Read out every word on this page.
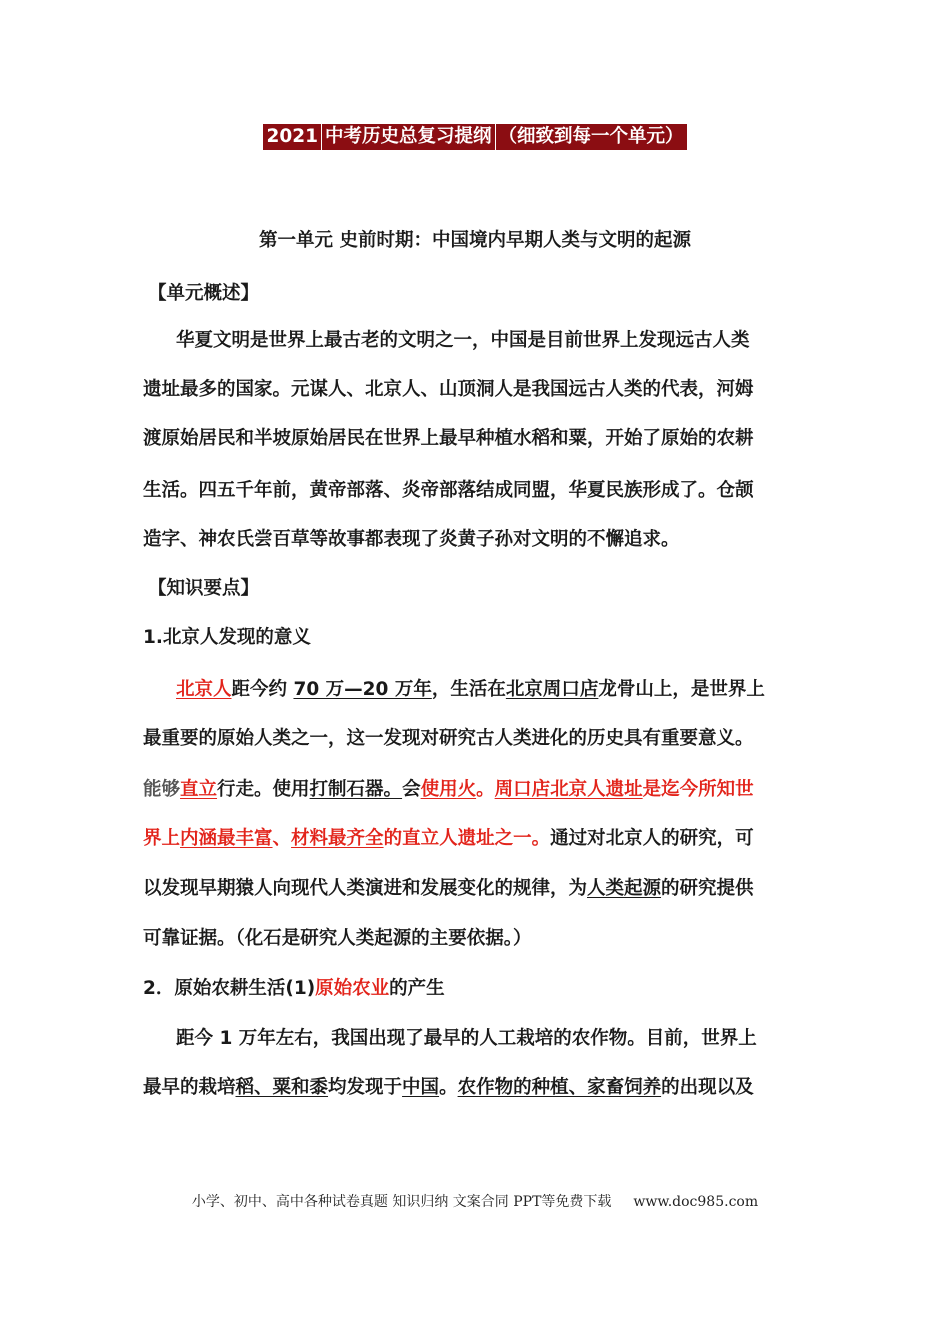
2021 中考历史总复习提纲 （细致到每一个单元）
第一单元 史前时期：中国境内早期人类与文明的起源
【单元概述】
华夏文明是世界上最古老的文明之一，中国是目前世界上发现远古人类
遗址最多的国家。元谋人、北京人、山顶洞人是我国远古人类的代表，河姆
渡原始居民和半坡原始居民在世界上最早种植水稻和粟，开始了原始的农耕
生活。四五千年前，黄帝部落、炎帝部落结成同盟，华夏民族形成了。仓颉
造字、神农氏尝百草等故事都表现了炎黄子孙对文明的不懈追求。
【知识要点】
1.北京人发现的意义
北京人距今约 70 万—20 万年，生活在北京周口店龙骨山上，是世界上
最重要的原始人类之一，这一发现对研究古人类进化的历史具有重要意义。
能够直立行走。使用打制石器。会使用火。周口店北京人遗址是迄今所知世
界上内涵最丰富、材料最齐全的直立人遗址之一。通过对北京人的研究，可
以发现早期猿人向现代人类演进和发展变化的规律，为人类起源的研究提供
可靠证据。（化石是研究人类起源的主要依据。）
2．原始农耕生活(1)原始农业的产生
距今 1 万年左右，我国出现了最早的人工栽培的农作物。目前，世界上
最早的栽培稻、粟和黍均发现于中国。农作物的种植、家畜饲养的出现以及
小学、初中、高中各种试卷真题 知识归纳 文案合同 PPT等免费下载 www.doc985.com
